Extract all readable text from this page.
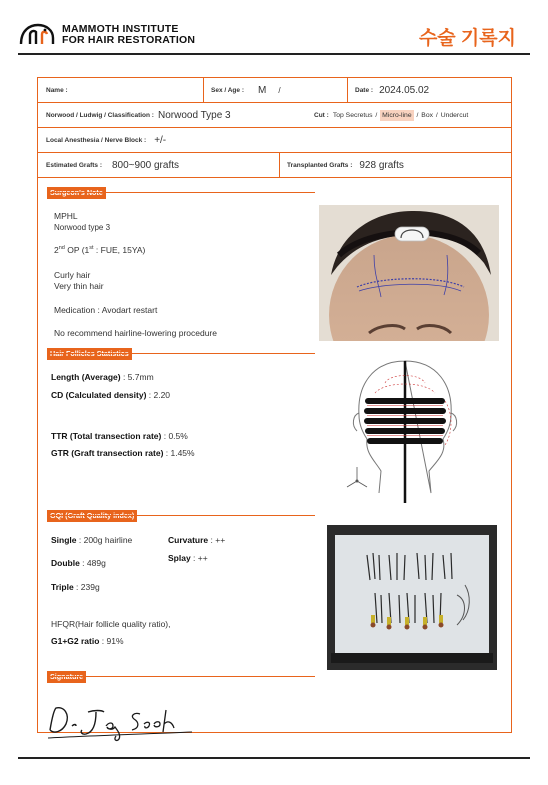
MAMMOTH INSTITUTE
FOR HAIR RESTORATION	수술 기록지
Name :	Sex / Age : M /	Date : 2024.05.02
Norwood / Ludwig / Classification : Norwood Type 3	Cut : Top Secretus / Micro-line / Box / Undercut
Local Anesthesia / Nerve Block : +/-
Estimated Grafts : 800~900 grafts	Transplanted Grafts : 928 grafts
MPHL
Norwood type 3
2nd OP (1st : FUE, 15YA)
Curly hair
Very thin hair
Medication : Avodart restart
No recommend hairline-lowering procedure
Length (Average) : 5.7mm
CD (Calculated density) : 2.20
TTR (Total transection rate) : 0.5%
GTR (Graft transection rate) : 1.45%
Single : 200g hairline
Double : 489g
Triple : 239g
Curvature : ++
Splay : ++
HFQR(Hair follicle quality ratio),
G1+G2 ratio : 91%
